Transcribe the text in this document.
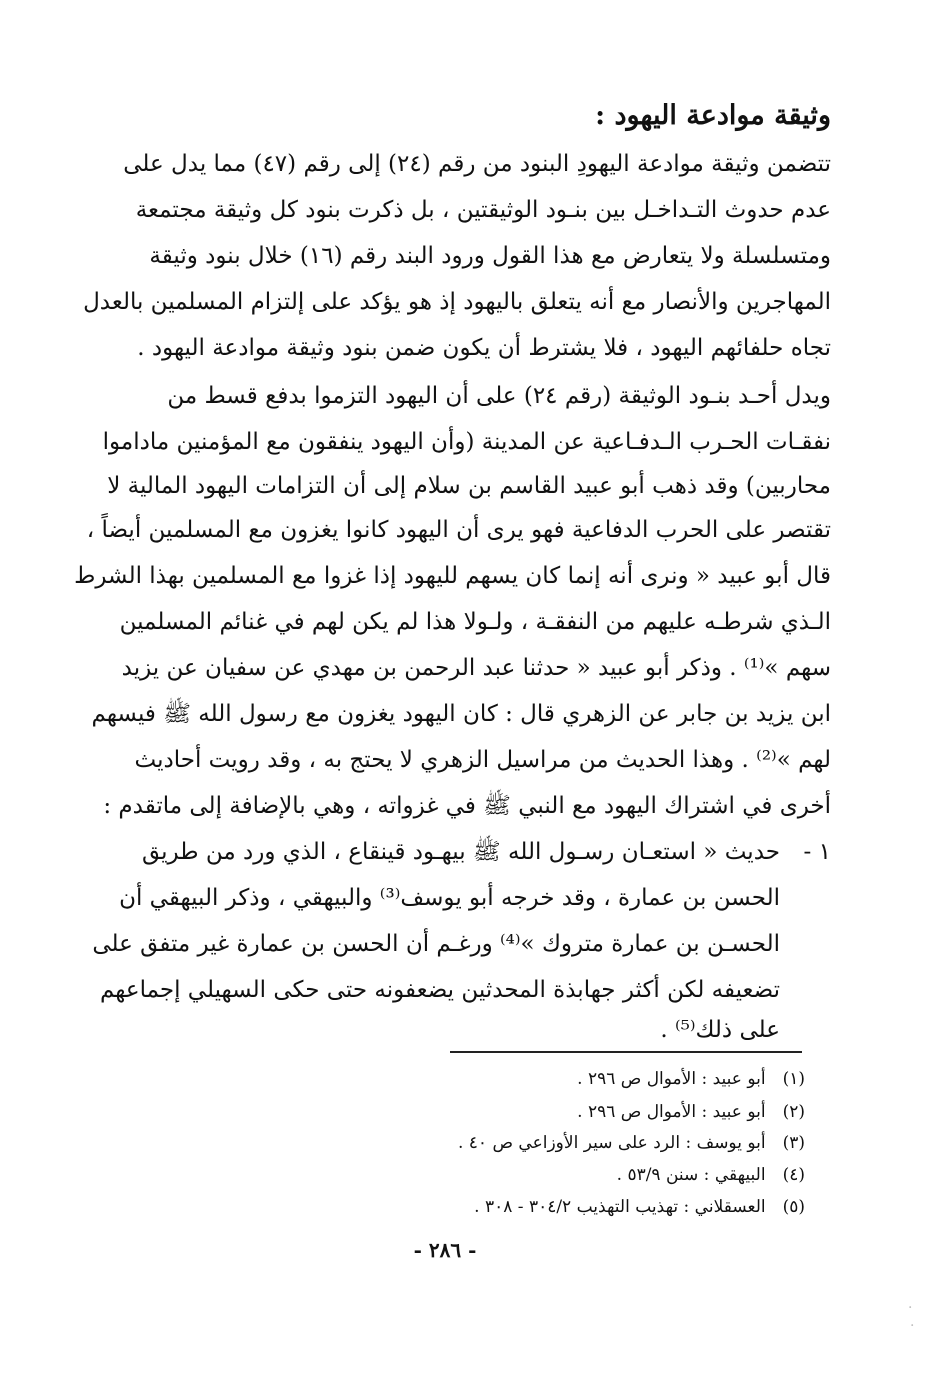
وثيقة موادعة اليهود :
تتضمن وثيقة موادعة اليهودِ البنود من رقم (٢٤) إلى رقم (٤٧) مما يدل على
عدم حدوث التـداخـل بين بنـود الوثيقتين ، بل ذكرت بنود كل وثيقة مجتمعة
ومتسلسلة ولا يتعارض مع هذا القول ورود البند رقم (١٦) خلال بنود وثيقة
المهاجرين والأنصار مع أنه يتعلق باليهود إذ هو يؤكد على إلتزام المسلمين بالعدل
تجاه حلفائهم اليهود ، فلا يشترط أن يكون ضمن بنود وثيقة موادعة اليهود .
ويدل أحـد بنـود الوثيقة (رقم ٢٤) على أن اليهود التزموا بدفع قسط من
نفقـات الحـرب الـدفـاعية عن المدينة (وأن اليهود ينفقون مع المؤمنين ماداموا
محاربين) وقد ذهب أبو عبيد القاسم بن سلام إلى أن التزامات اليهود المالية لا
تقتصر على الحرب الدفاعية فهو يرى أن اليهود كانوا يغزون مع المسلمين أيضاً ،
قال أبو عبيد « ونرى أنه إنما كان يسهم لليهود إذا غزوا مع المسلمين بهذا الشرط
الـذي شرطـه عليهم من النفقـة ، ولـولا هذا لم يكن لهم في غنائم المسلمين
سهم »⁽¹⁾ . وذكر أبو عبيد « حدثنا عبد الرحمن بن مهدي عن سفيان عن يزيد
ابن يزيد بن جابر عن الزهري قال : كان اليهود يغزون مع رسول الله ﷺ فيسهم
لهم »⁽²⁾ . وهذا الحديث من مراسيل الزهري لا يحتج به ، وقد رويت أحاديث
أخرى في اشتراك اليهود مع النبي ﷺ في غزواته ، وهي بالإضافة إلى ماتقدم :
١ -
حديث « استعـان رسـول الله ﷺ بيهـود قينقاع ، الذي ورد من طريق
الحسن بن عمارة ، وقد خرجه أبو يوسف⁽³⁾ والبيهقي ، وذكر البيهقي أن
الحسـن بن عمارة متروك »⁽⁴⁾ ورغـم أن الحسن بن عمارة غير متفق على
تضعيفه لكن أكثر جهابذة المحدثين يضعفونه حتى حكى السهيلي إجماعهم
على ذلك⁽⁵⁾ .
(١) أبو عبيد : الأموال ص ٢٩٦ .
(٢) أبو عبيد : الأموال ص ٢٩٦ .
(٣) أبو يوسف : الرد على سير الأوزاعي ص ٤٠ .
(٤) البيهقي : سنن ٥٣/٩ .
(٥) العسقلاني : تهذيب التهذيب ٣٠٤/٢ - ٣٠٨ .
- ٢٨٦ -
·
·
